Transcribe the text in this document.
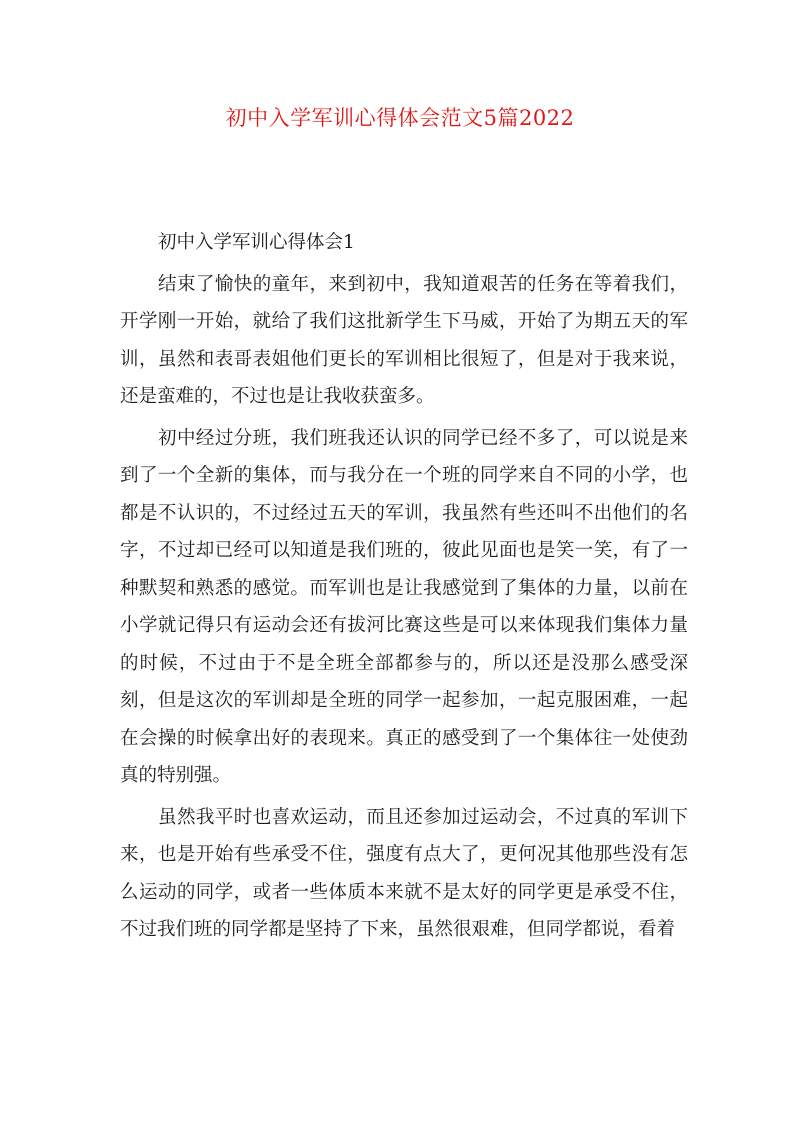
初中入学军训心得体会范文5篇2022

初中入学军训心得体会1

结束了愉快的童年，来到初中，我知道艰苦的任务在等着我们，开学刚一开始，就给了我们这批新学生下马威，开始了为期五天的军训，虽然和表哥表姐他们更长的军训相比很短了，但是对于我来说，还是蛮难的，不过也是让我收获蛮多。

初中经过分班，我们班我还认识的同学已经不多了，可以说是来到了一个全新的集体，而与我分在一个班的同学来自不同的小学，也都是不认识的，不过经过五天的军训，我虽然有些还叫不出他们的名字，不过却已经可以知道是我们班的，彼此见面也是笑一笑，有了一种默契和熟悉的感觉。而军训也是让我感觉到了集体的力量，以前在小学就记得只有运动会还有拔河比赛这些是可以来体现我们集体力量的时候，不过由于不是全班全部都参与的，所以还是没那么感受深刻，但是这次的军训却是全班的同学一起参加，一起克服困难，一起在会操的时候拿出好的表现来。真正的感受到了一个集体往一处使劲真的特别强。

虽然我平时也喜欢运动，而且还参加过运动会，不过真的军训下来，也是开始有些承受不住，强度有点大了，更何况其他那些没有怎么运动的同学，或者一些体质本来就不是太好的同学更是承受不住，不过我们班的同学都是坚持了下来，虽然很艰难，但同学都说，看着
